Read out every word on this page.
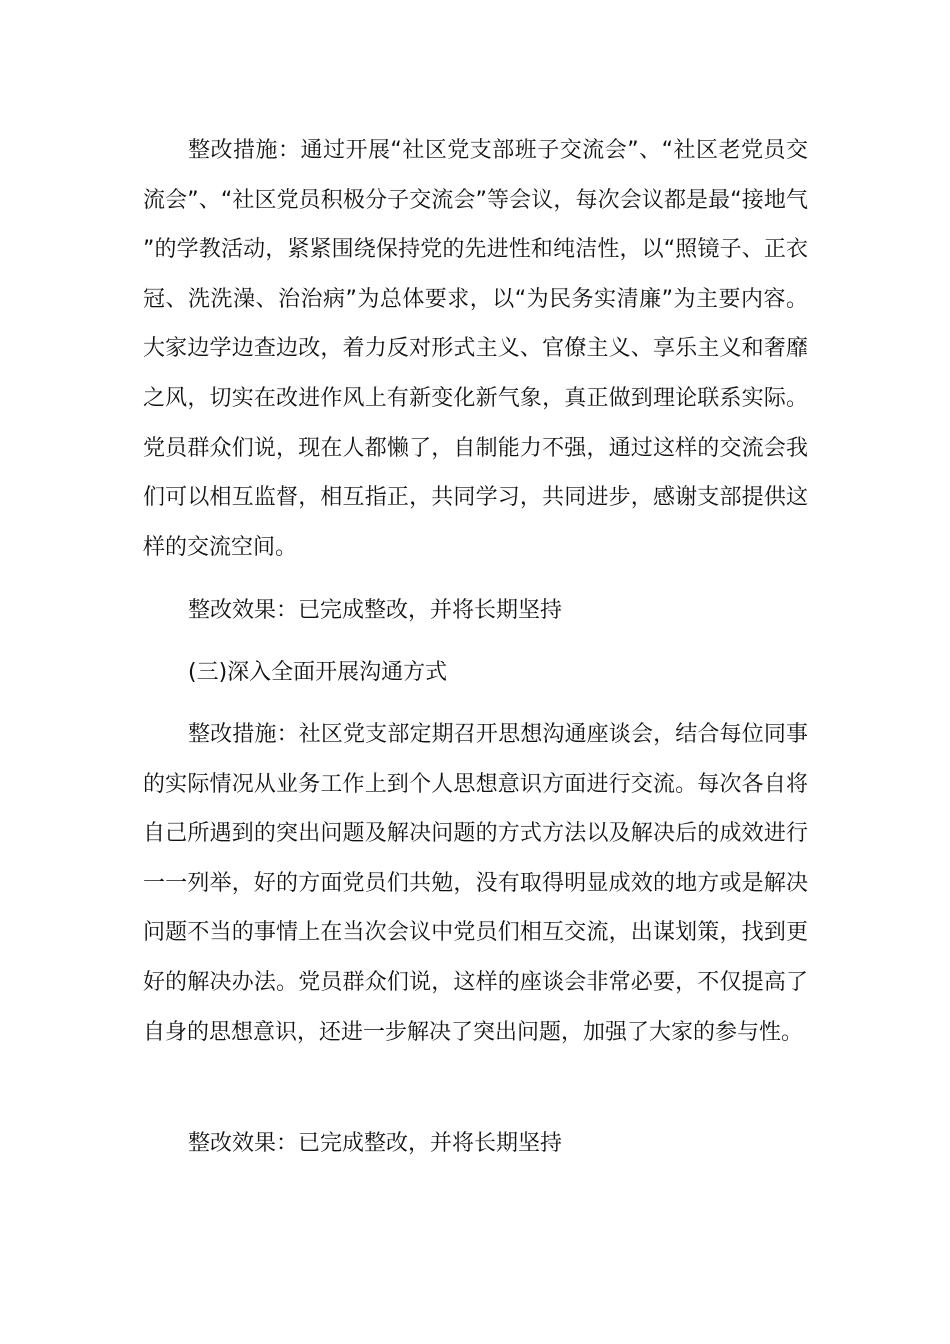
整改措施：通过开展“社区党支部班子交流会”、“社区老党员交流会”、“社区党员积极分子交流会”等会议，每次会议都是最“接地气”的学教活动，紧紧围绕保持党的先进性和纯洁性，以“照镜子、正衣冠、洗洗澡、治治病”为总体要求，以“为民务实清廉”为主要内容。大家边学边查边改，着力反对形式主义、官僚主义、享乐主义和奢靡之风，切实在改进作风上有新变化新气象，真正做到理论联系实际。党员群众们说，现在人都懒了，自制能力不强，通过这样的交流会我们可以相互监督，相互指正，共同学习，共同进步，感谢支部提供这样的交流空间。

整改效果：已完成整改，并将长期坚持

(三)深入全面开展沟通方式

整改措施：社区党支部定期召开思想沟通座谈会，结合每位同事的实际情况从业务工作上到个人思想意识方面进行交流。每次各自将自己所遇到的突出问题及解决问题的方式方法以及解决后的成效进行一一列举，好的方面党员们共勉，没有取得明显成效的地方或是解决问题不当的事情上在当次会议中党员们相互交流，出谋划策，找到更好的解决办法。党员群众们说，这样的座谈会非常必要，不仅提高了自身的思想意识，还进一步解决了突出问题，加强了大家的参与性。

整改效果：已完成整改，并将长期坚持
